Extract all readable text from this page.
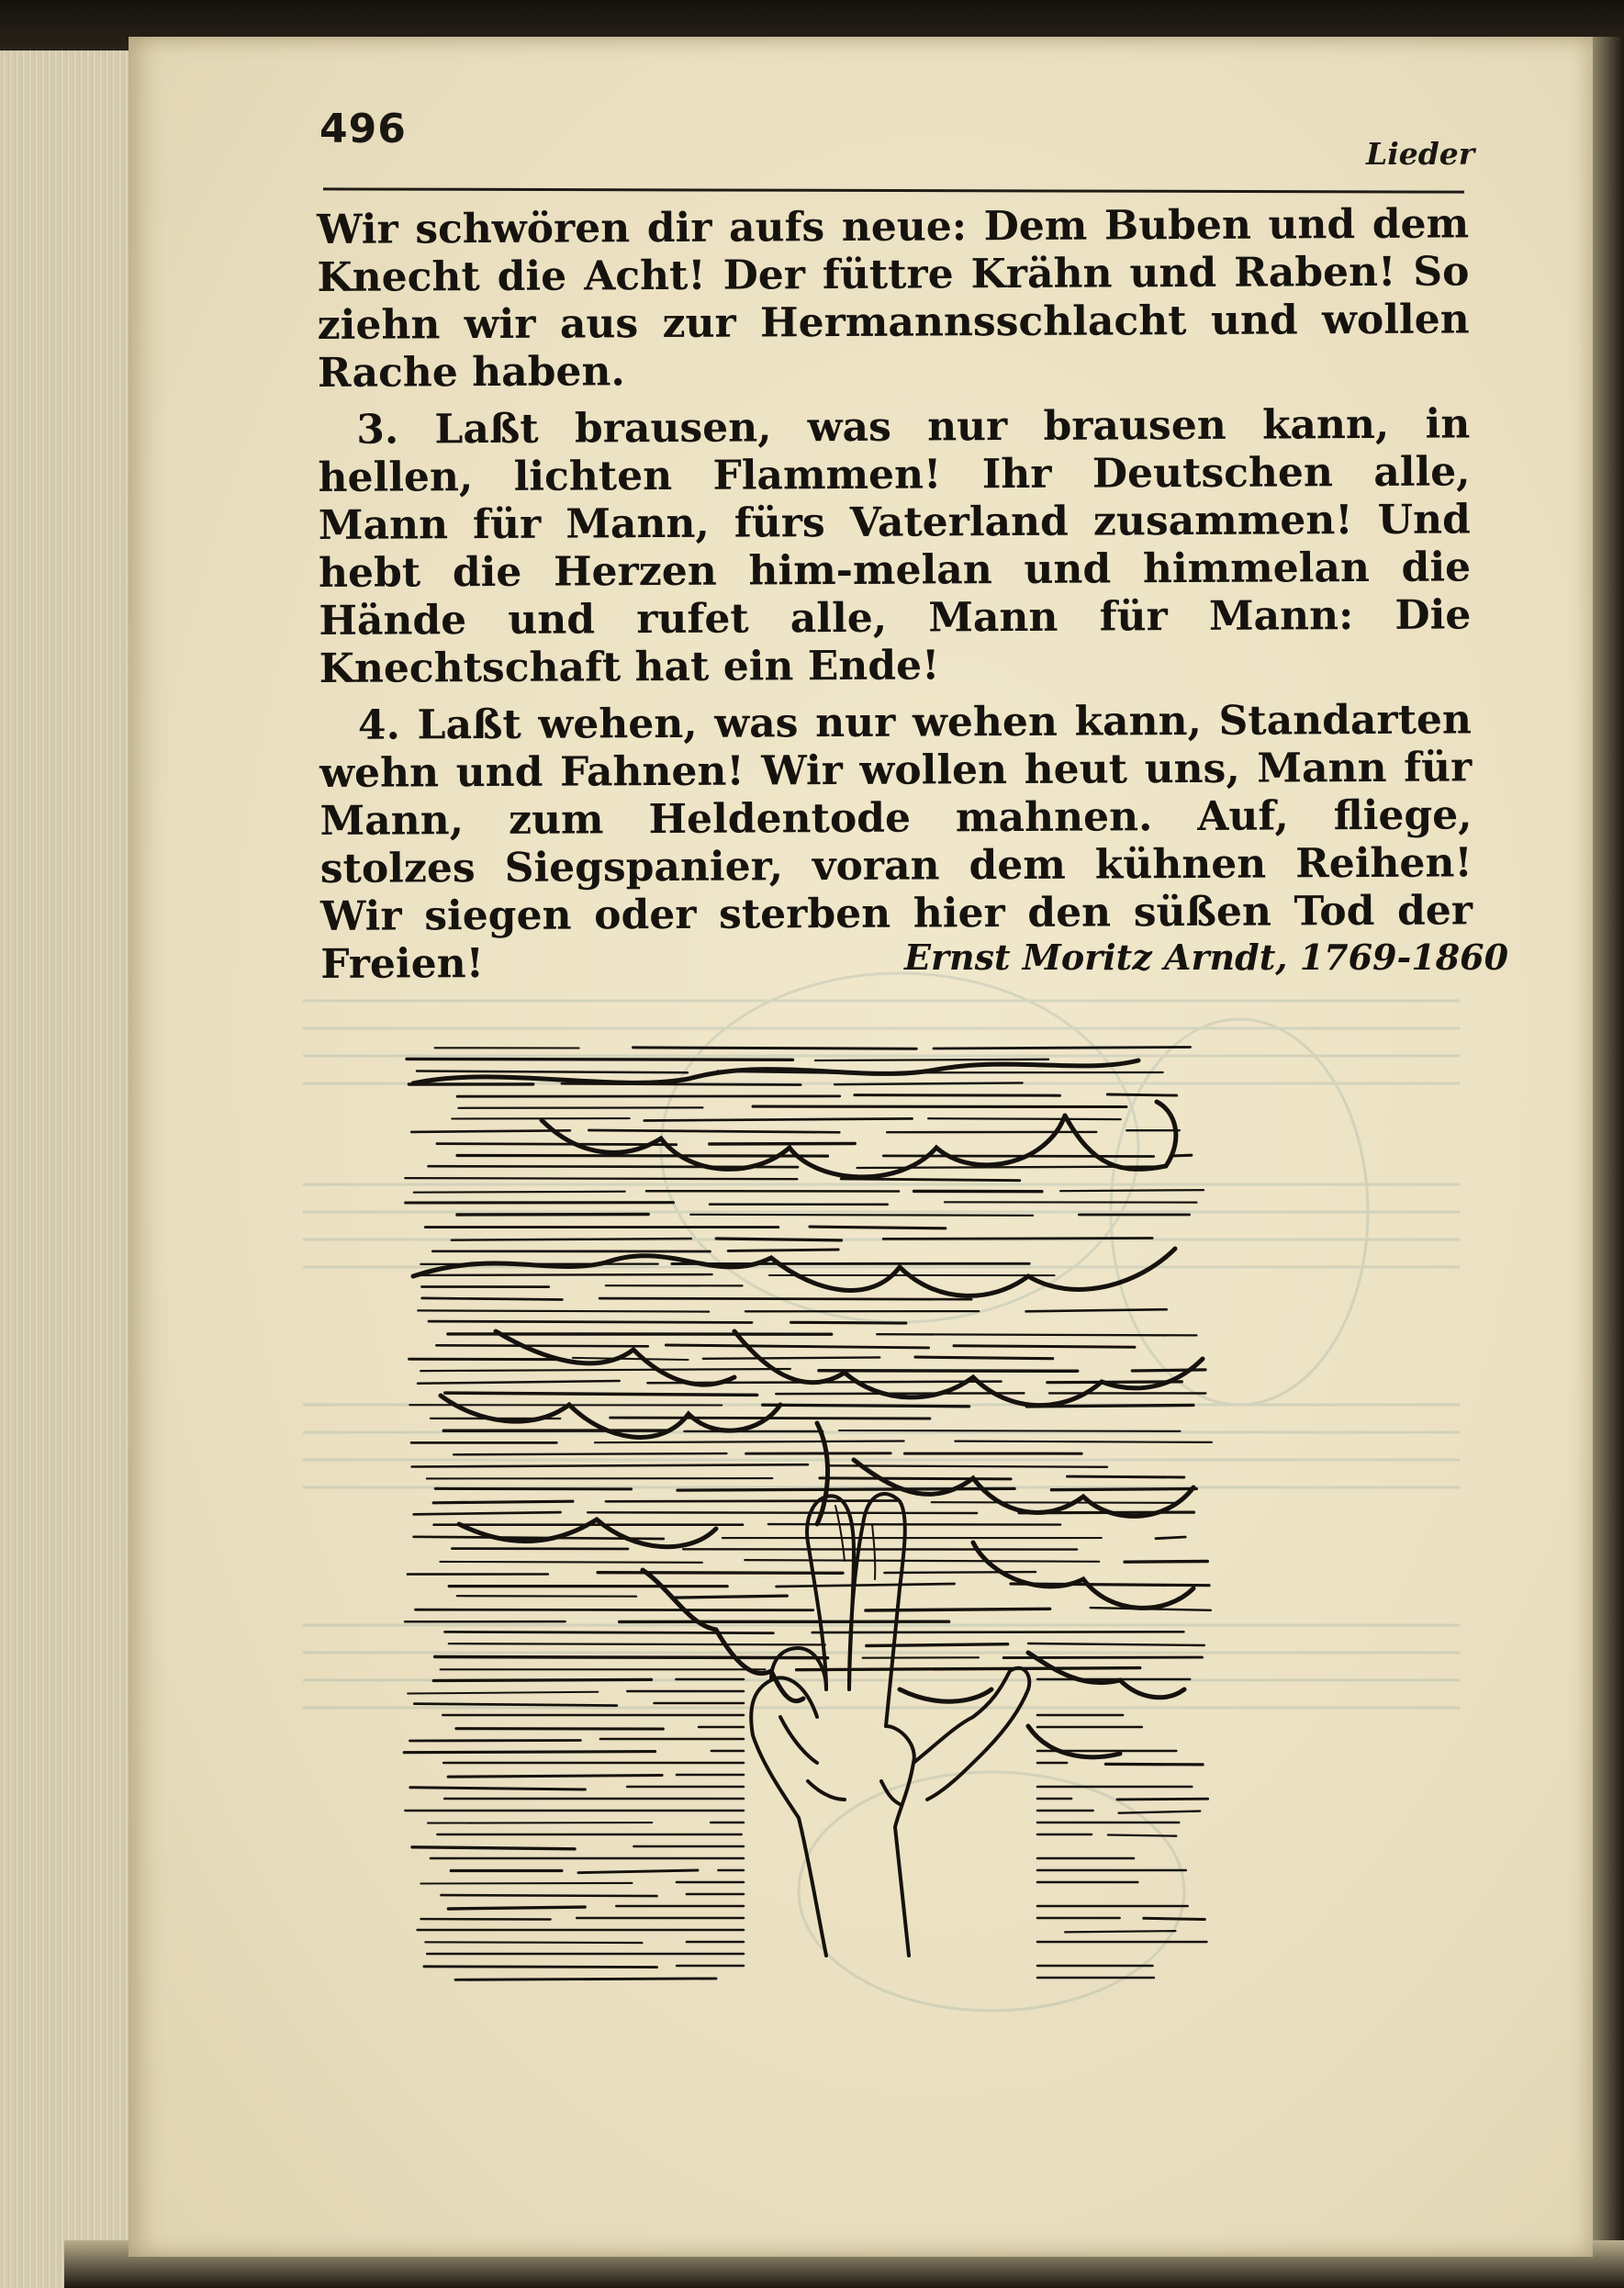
496
Lieder

Wir schwören dir aufs neue: Dem Buben und dem Knecht die Acht! Der füttre Krähn und Raben! So ziehn wir aus zur Hermannsschlacht und wollen Rache haben.

3. Laßt brausen, was nur brausen kann, in hellen, lichten Flammen! Ihr Deutschen alle, Mann für Mann, fürs Vaterland zusammen! Und hebt die Herzen him-melan und himmelan die Hände und rufet alle, Mann für Mann: Die Knechtschaft hat ein Ende!

4. Laßt wehen, was nur wehen kann, Standarten wehn und Fahnen! Wir wollen heut uns, Mann für Mann, zum Heldentode mahnen. Auf, fliege, stolzes Siegspanier, voran dem kühnen Reihen! Wir siegen oder sterben hier den süßen Tod der Freien!	Ernst Moritz Arndt, 1769-1860
